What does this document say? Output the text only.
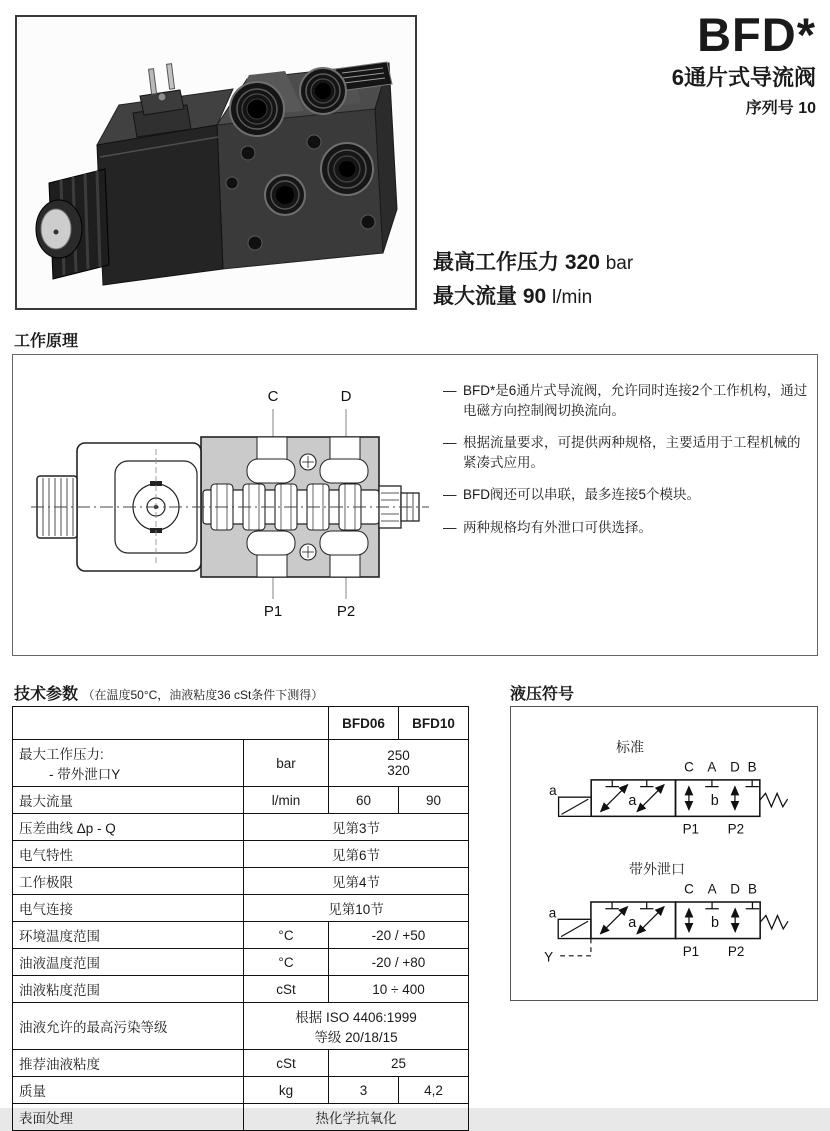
BFD*
6通片式导流阀
序列号 10
最高工作压力 320 bar
最大流量 90 l/min
工作原理
C	D
P1	P2
— BFD*是6通片式导流阀，允许同时连接2个工作机构，通过电磁方向控制阀切换流向。
— 根据流量要求，可提供两种规格，主要适用于工程机械的紧凑式应用。
— BFD阀还可以串联，最多连接5个模块。
— 两种规格均有外泄口可供选择。
技术参数 （在温度50°C，油液粘度36 cSt条件下测得）
		BFD06	BFD10
最大工作压力:
- 带外泄口Y	bar	250
320

最大流量	l/min	60	90
压差曲线 Δp - Q	见第3节		
电气特性	见第6节		
工作极限	见第4节		
电气连接	见第10节		
环境温度范围	°C	-20 / +50	
油液温度范围	°C	-20 / +80	
油液粘度范围	cSt	10 ÷ 400	
油液允许的最高污染等级	根据 ISO 4406:1999
等级 20/18/15		

推荐油液粘度	cSt	25	
质量	kg	3	4,2
表面处理	热化学抗氧化		
液压符号
标准
a
a	b
C A D B
P1 P2
带外泄口
a
a	b
Y
C A D B
P1 P2
